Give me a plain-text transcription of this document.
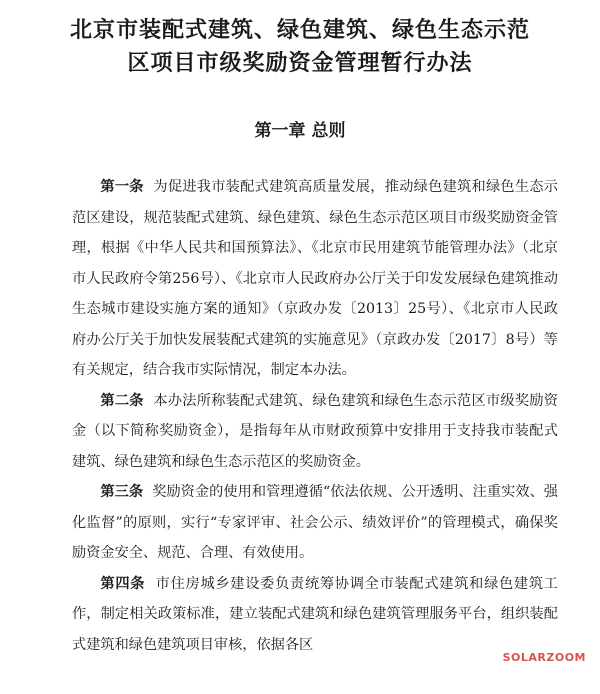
北京市装配式建筑、绿色建筑、绿色生态示范
区项目市级奖励资金管理暂行办法
第一章 总则

第一条 为促进我市装配式建筑高质量发展，推动绿色建筑和绿色生态示范区建设，规范装配式建筑、绿色建筑、绿色生态示范区项目市级奖励资金管理，根据《中华人民共和国预算法》、《北京市民用建筑节能管理办法》（北京市人民政府令第256号）、《北京市人民政府办公厅关于印发发展绿色建筑推动生态城市建设实施方案的通知》（京政办发〔2013〕25号）、《北京市人民政府办公厅关于加快发展装配式建筑的实施意见》（京政办发〔2017〕8号）等有关规定，结合我市实际情况，制定本办法。

第二条 本办法所称装配式建筑、绿色建筑和绿色生态示范区市级奖励资金（以下简称奖励资金），是指每年从市财政预算中安排用于支持我市装配式建筑、绿色建筑和绿色生态示范区的奖励资金。

第三条 奖励资金的使用和管理遵循“依法依规、公开透明、注重实效、强化监督”的原则，实行“专家评审、社会公示、绩效评价”的管理模式，确保奖励资金安全、规范、合理、有效使用。

第四条 市住房城乡建设委负责统筹协调全市装配式建筑和绿色建筑工作，制定相关政策标准，建立装配式建筑和绿色建筑管理服务平台，组织装配式建筑和绿色建筑项目审核，依据各区

SOLARZOOM
